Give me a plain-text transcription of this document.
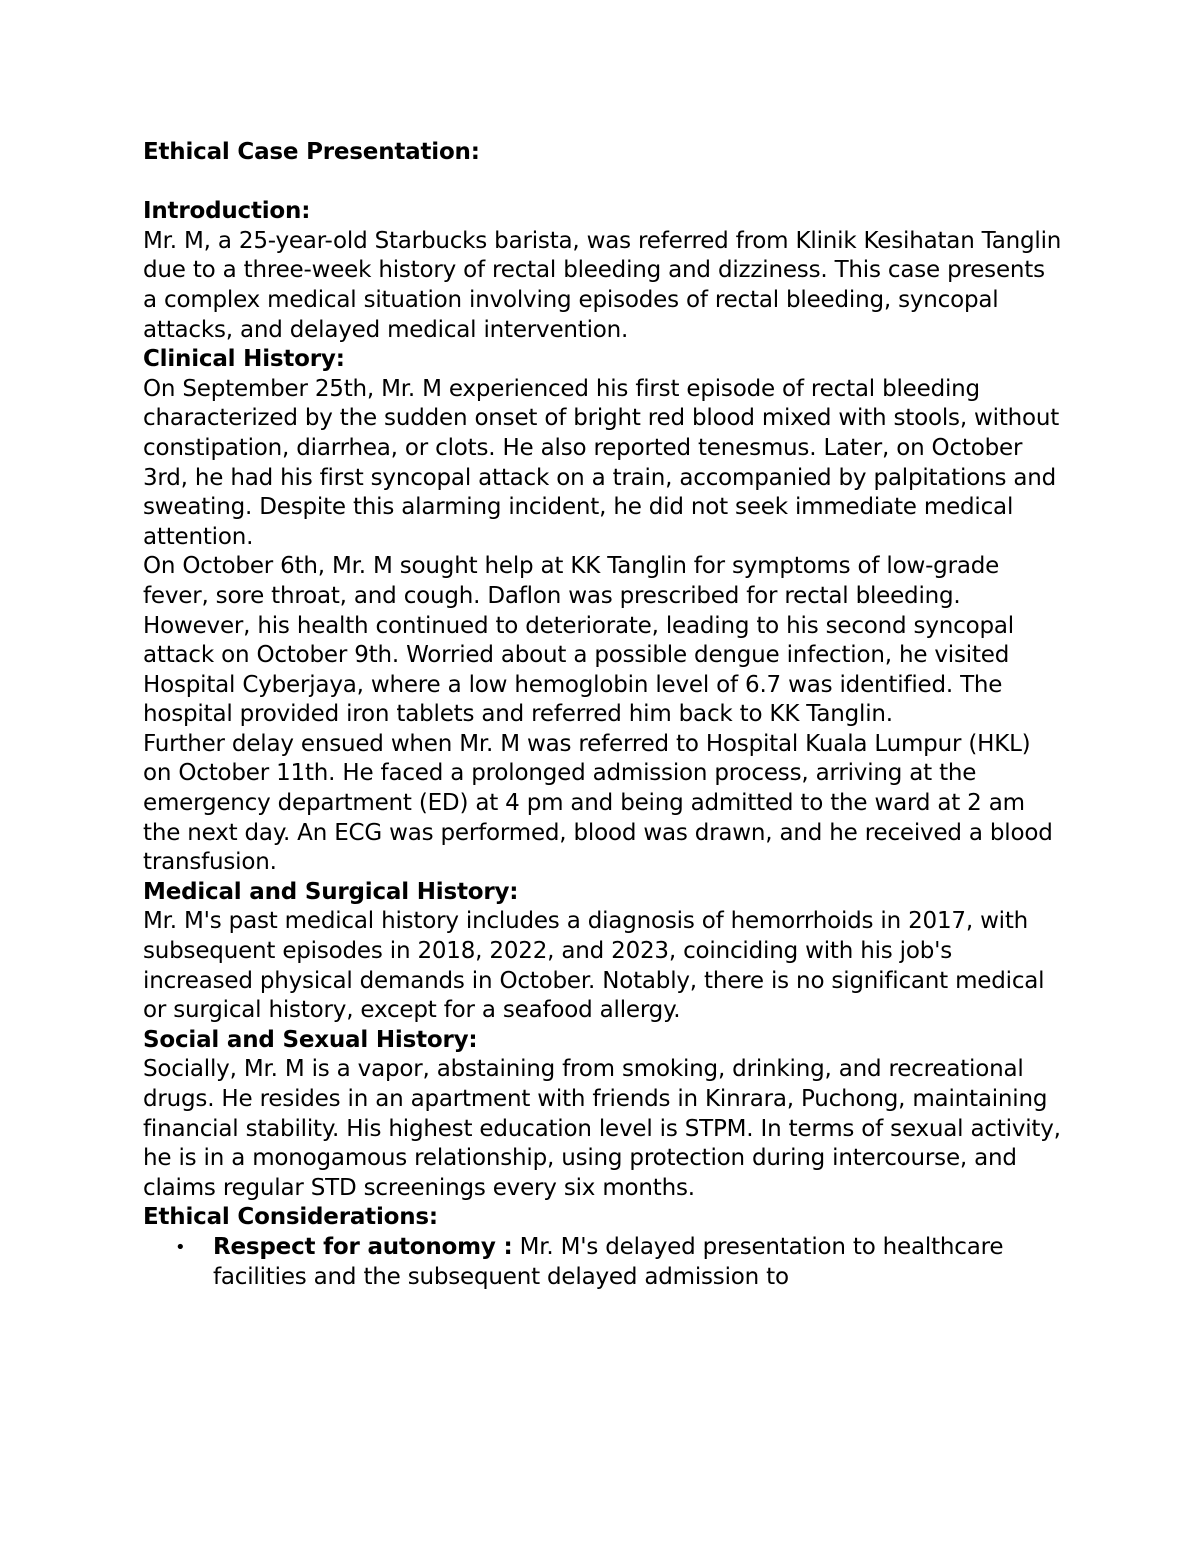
Ethical Case Presentation:

Introduction:

Mr. M, a 25-year-old Starbucks barista, was referred from Klinik Kesihatan Tanglin due to a three-week history of rectal bleeding and dizziness. This case presents a complex medical situation involving episodes of rectal bleeding, syncopal attacks, and delayed medical intervention.

Clinical History:

On September 25th, Mr. M experienced his first episode of rectal bleeding characterized by the sudden onset of bright red blood mixed with stools, without constipation, diarrhea, or clots. He also reported tenesmus. Later, on October 3rd, he had his first syncopal attack on a train, accompanied by palpitations and sweating. Despite this alarming incident, he did not seek immediate medical attention.

On October 6th, Mr. M sought help at KK Tanglin for symptoms of low-grade fever, sore throat, and cough. Daflon was prescribed for rectal bleeding. However, his health continued to deteriorate, leading to his second syncopal attack on October 9th. Worried about a possible dengue infection, he visited Hospital Cyberjaya, where a low hemoglobin level of 6.7 was identified. The hospital provided iron tablets and referred him back to KK Tanglin.

Further delay ensued when Mr. M was referred to Hospital Kuala Lumpur (HKL) on October 11th. He faced a prolonged admission process, arriving at the emergency department (ED) at 4 pm and being admitted to the ward at 2 am the next day. An ECG was performed, blood was drawn, and he received a blood transfusion.

Medical and Surgical History:

Mr. M's past medical history includes a diagnosis of hemorrhoids in 2017, with subsequent episodes in 2018, 2022, and 2023, coinciding with his job's increased physical demands in October. Notably, there is no significant medical or surgical history, except for a seafood allergy.

Social and Sexual History:

Socially, Mr. M is a vapor, abstaining from smoking, drinking, and recreational drugs. He resides in an apartment with friends in Kinrara, Puchong, maintaining financial stability. His highest education level is STPM. In terms of sexual activity, he is in a monogamous relationship, using protection during intercourse, and claims regular STD screenings every six months.

Ethical Considerations:

• Respect for autonomy : Mr. M's delayed presentation to healthcare facilities and the subsequent delayed admission to
